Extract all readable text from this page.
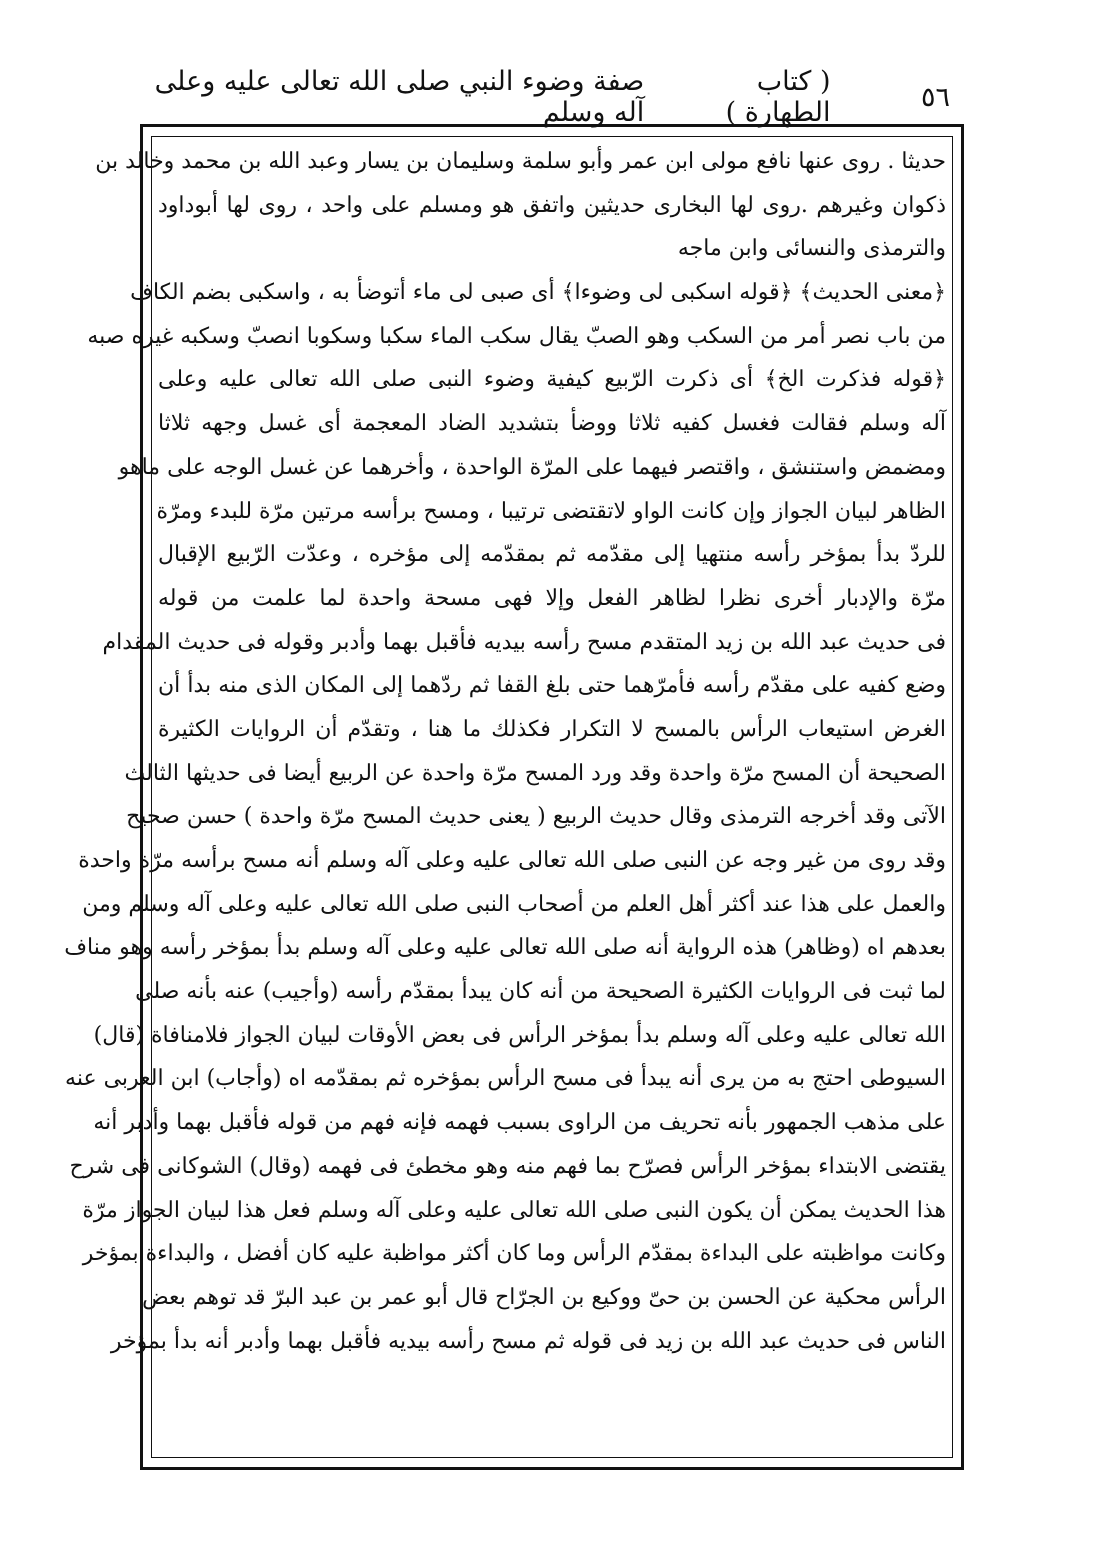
٥٦
( كتاب الطهارة )
صفة وضوء النبي صلى الله تعالى عليه وعلى آله وسلم
حديثا . روى عنها نافع مولى ابن عمر وأبو سلمة وسليمان بن يسار وعبد الله بن محمد وخالد بن
ذكوان وغيرهم .روى لها البخارى حديثين واتفق هو ومسلم على واحد ، روى لها أبوداود
والترمذى والنسائى وابن ماجه
﴿معنى الحديث﴾ ﴿قوله اسكبى لى وضوءا﴾ أى صبى لى ماء أتوضأ به ، واسكبى بضم الكاف
من باب نصر أمر من السكب وهو الصبّ يقال سكب الماء سكبا وسكوبا انصبّ وسكبه غيره صبه
﴿قوله فذكرت الخ﴾ أى ذكرت الرّبيع كيفية وضوء النبى صلى الله تعالى عليه وعلى
آله وسلم فقالت فغسل كفيه ثلاثا ووضأ بتشديد الضاد المعجمة أى غسل وجهه ثلاثا
ومضمض واستنشق ، واقتصر فيهما على المرّة الواحدة ، وأخرهما عن غسل الوجه على ماهو
الظاهر لبيان الجواز وإن كانت الواو لاتقتضى ترتيبا ، ومسح برأسه مرتين مرّة للبدء ومرّة
للردّ بدأ بمؤخر رأسه منتهيا إلى مقدّمه ثم بمقدّمه إلى مؤخره ، وعدّت الرّبيع الإقبال
مرّة والإدبار أخرى نظرا لظاهر الفعل وإلا فهى مسحة واحدة لما علمت من قوله
فى حديث عبد الله بن زيد المتقدم مسح رأسه بيديه فأقبل بهما وأدبر وقوله فى حديث المقدام
وضع كفيه على مقدّم رأسه فأمرّهما حتى بلغ القفا ثم ردّهما إلى المكان الذى منه بدأ أن
الغرض استيعاب الرأس بالمسح لا التكرار فكذلك ما هنا ، وتقدّم أن الروايات الكثيرة
الصحيحة أن المسح مرّة واحدة وقد ورد المسح مرّة واحدة عن الربيع أيضا فى حديثها الثالث
الآتى وقد أخرجه الترمذى وقال حديث الربيع ( يعنى حديث المسح مرّة واحدة ) حسن صحيح
وقد روى من غير وجه عن النبى صلى الله تعالى عليه وعلى آله وسلم أنه مسح برأسه مرّة واحدة
والعمل على هذا عند أكثر أهل العلم من أصحاب النبى صلى الله تعالى عليه وعلى آله وسلم ومن
بعدهم اه (وظاهر) هذه الرواية أنه صلى الله تعالى عليه وعلى آله وسلم بدأ بمؤخر رأسه وهو مناف
لما ثبت فى الروايات الكثيرة الصحيحة من أنه كان يبدأ بمقدّم رأسه (وأجيب) عنه بأنه صلى
الله تعالى عليه وعلى آله وسلم بدأ بمؤخر الرأس فى بعض الأوقات لبيان الجواز فلامنافاة (قال)
السيوطى احتج به من يرى أنه يبدأ فى مسح الرأس بمؤخره ثم بمقدّمه اه (وأجاب) ابن العربى عنه
على مذهب الجمهور بأنه تحريف من الراوى بسبب فهمه فإنه فهم من قوله فأقبل بهما وأدبر أنه
يقتضى الابتداء بمؤخر الرأس فصرّح بما فهم منه وهو مخطئ فى فهمه (وقال) الشوكانى فى شرح
هذا الحديث يمكن أن يكون النبى صلى الله تعالى عليه وعلى آله وسلم فعل هذا لبيان الجواز مرّة
وكانت مواظبته على البداءة بمقدّم الرأس وما كان أكثر مواظبة عليه كان أفضل ، والبداءة بمؤخر
الرأس محكية عن الحسن بن حىّ ووكيع بن الجرّاح قال أبو عمر بن عبد البرّ قد توهم بعض
الناس فى حديث عبد الله بن زيد فى قوله ثم مسح رأسه بيديه فأقبل بهما وأدبر أنه بدأ بمؤخر
